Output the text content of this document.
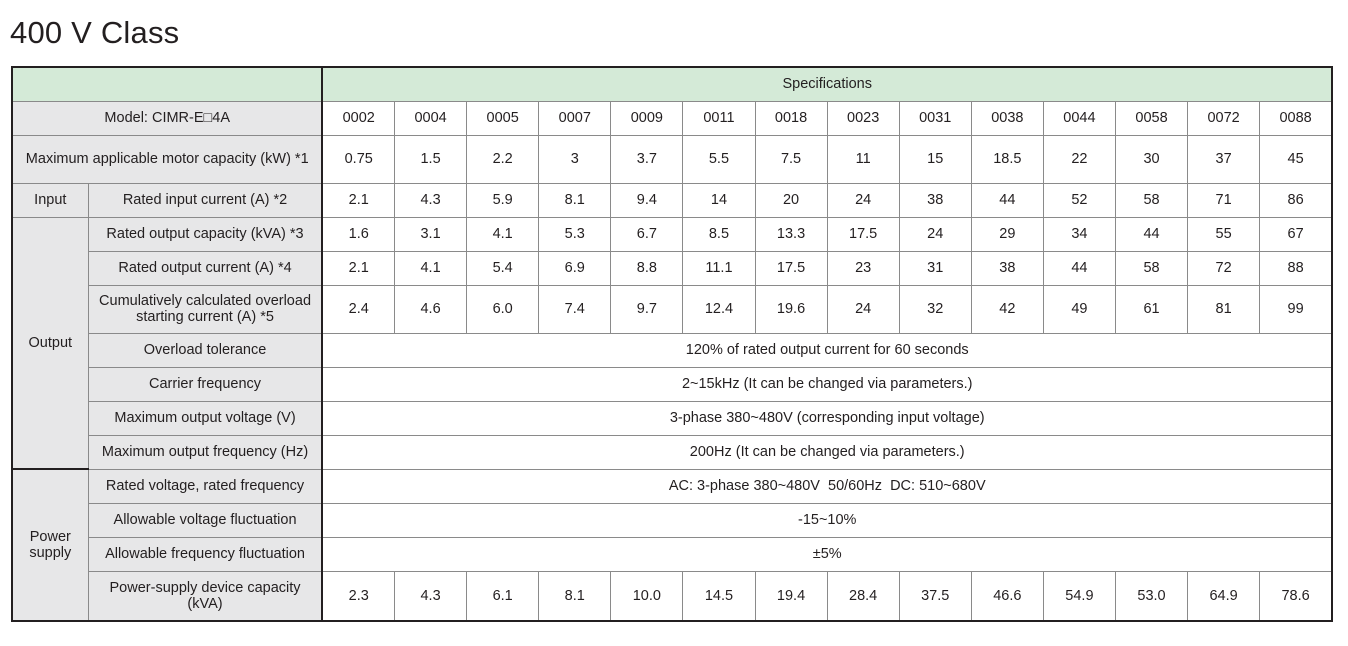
400 V Class
		Specifications													
Model: CIMR-E□4A		0002	0004	0005	0007	0009	0011	0018	0023	0031	0038	0044	0058	0072	0088
Maximum applicable motor capacity (kW) *1		0.75	1.5	2.2	3	3.7	5.5	7.5	11	15	18.5	22	30	37	45
Input	Rated input current (A) *2	2.1	4.3	5.9	8.1	9.4	14	20	24	38	44	52	58	71	86
Output	Rated output capacity (kVA) *3	1.6	3.1	4.1	5.3	6.7	8.5	13.3	17.5	24	29	34	44	55	67
	Rated output current (A) *4	2.1	4.1	5.4	6.9	8.8	11.1	17.5	23	31	38	44	58	72	88
	Cumulatively calculated overload starting current (A) *5	2.4	4.6	6.0	7.4	9.7	12.4	19.6	24	32	42	49	61	81	99
	Overload tolerance	120% of rated output current for 60 seconds													
	Carrier frequency	2~15kHz (It can be changed via parameters.)													
	Maximum output voltage (V)	3-phase 380~480V (corresponding input voltage)													
	Maximum output frequency (Hz)	200Hz (It can be changed via parameters.)													
Power supply	Rated voltage, rated frequency	AC: 3-phase 380~480V  50/60Hz  DC: 510~680V													
	Allowable voltage fluctuation	-15~10%													
	Allowable frequency fluctuation	±5%													
	Power-supply device capacity (kVA)	2.3	4.3	6.1	8.1	10.0	14.5	19.4	28.4	37.5	46.6	54.9	53.0	64.9	78.6
